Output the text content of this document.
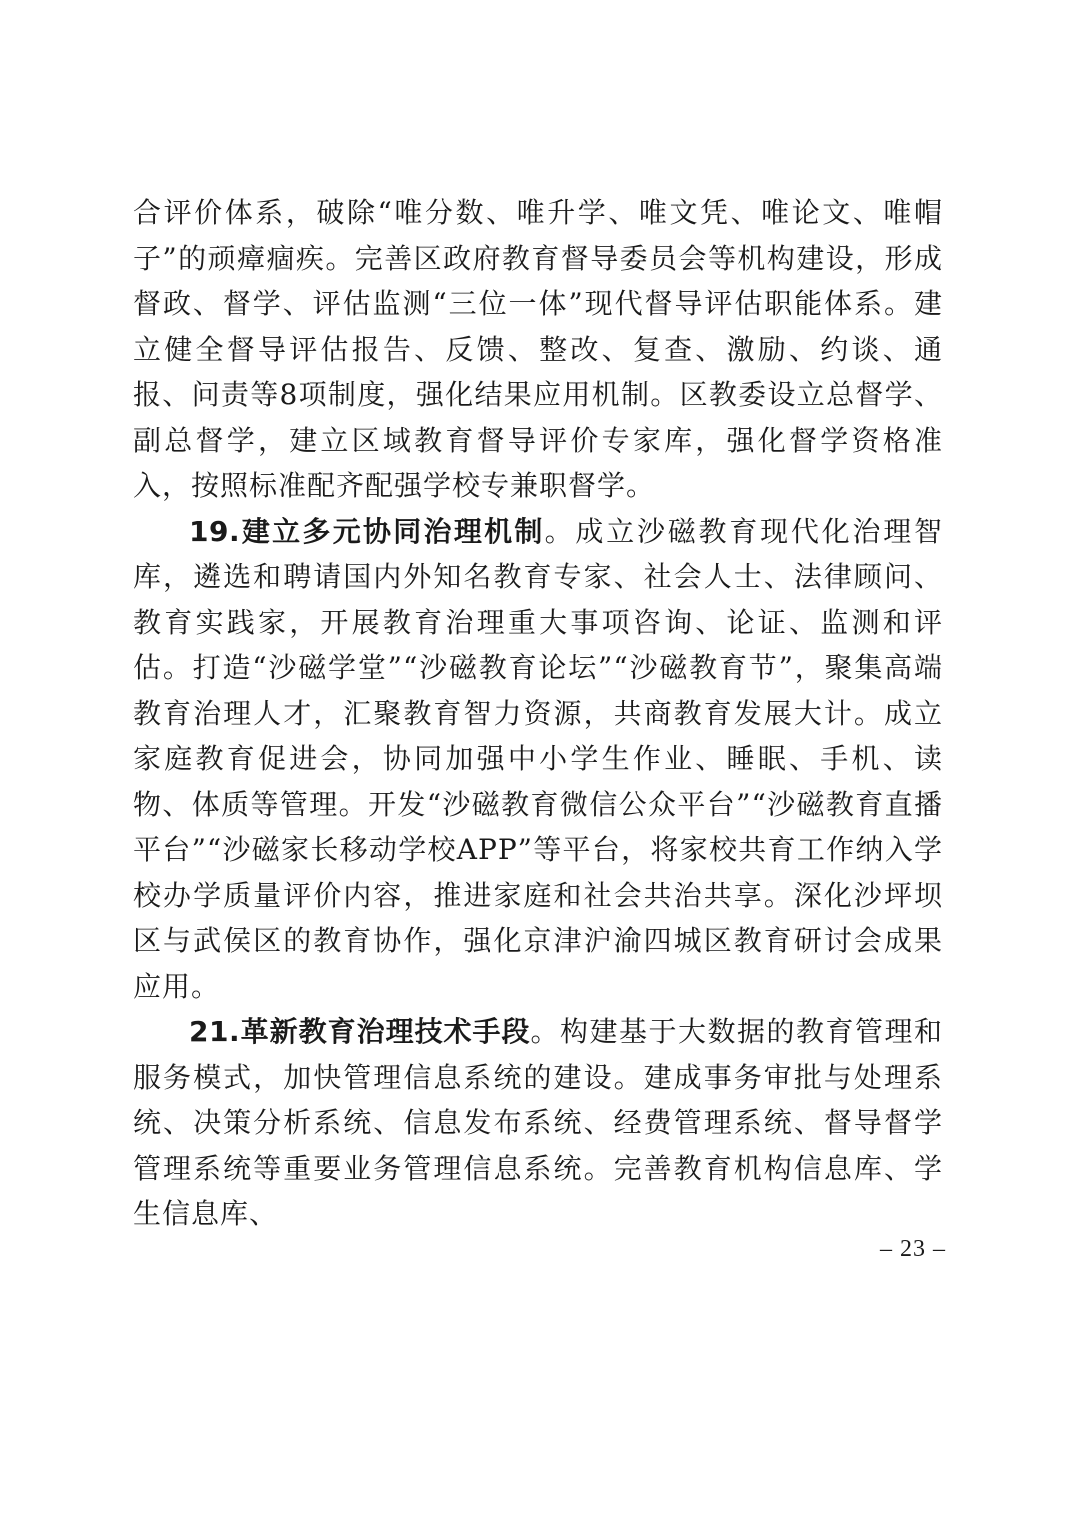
合评价体系，破除“唯分数、唯升学、唯文凭、唯论文、唯帽子”的顽瘴痼疾。完善区政府教育督导委员会等机构建设，形成督政、督学、评估监测“三位一体”现代督导评估职能体系。建立健全督导评估报告、反馈、整改、复查、激励、约谈、通报、问责等8项制度，强化结果应用机制。区教委设立总督学、副总督学，建立区域教育督导评价专家库，强化督学资格准入，按照标准配齐配强学校专兼职督学。

19.建立多元协同治理机制。成立沙磁教育现代化治理智库，遴选和聘请国内外知名教育专家、社会人士、法律顾问、教育实践家，开展教育治理重大事项咨询、论证、监测和评估。打造“沙磁学堂”“沙磁教育论坛”“沙磁教育节”，聚集高端教育治理人才，汇聚教育智力资源，共商教育发展大计。成立家庭教育促进会，协同加强中小学生作业、睡眠、手机、读物、体质等管理。开发“沙磁教育微信公众平台”“沙磁教育直播平台”“沙磁家长移动学校APP”等平台，将家校共育工作纳入学校办学质量评价内容，推进家庭和社会共治共享。深化沙坪坝区与武侯区的教育协作，强化京津沪渝四城区教育研讨会成果应用。

21.革新教育治理技术手段。构建基于大数据的教育管理和服务模式，加快管理信息系统的建设。建成事务审批与处理系统、决策分析系统、信息发布系统、经费管理系统、督导督学管理系统等重要业务管理信息系统。完善教育机构信息库、学生信息库、

– 23 –
